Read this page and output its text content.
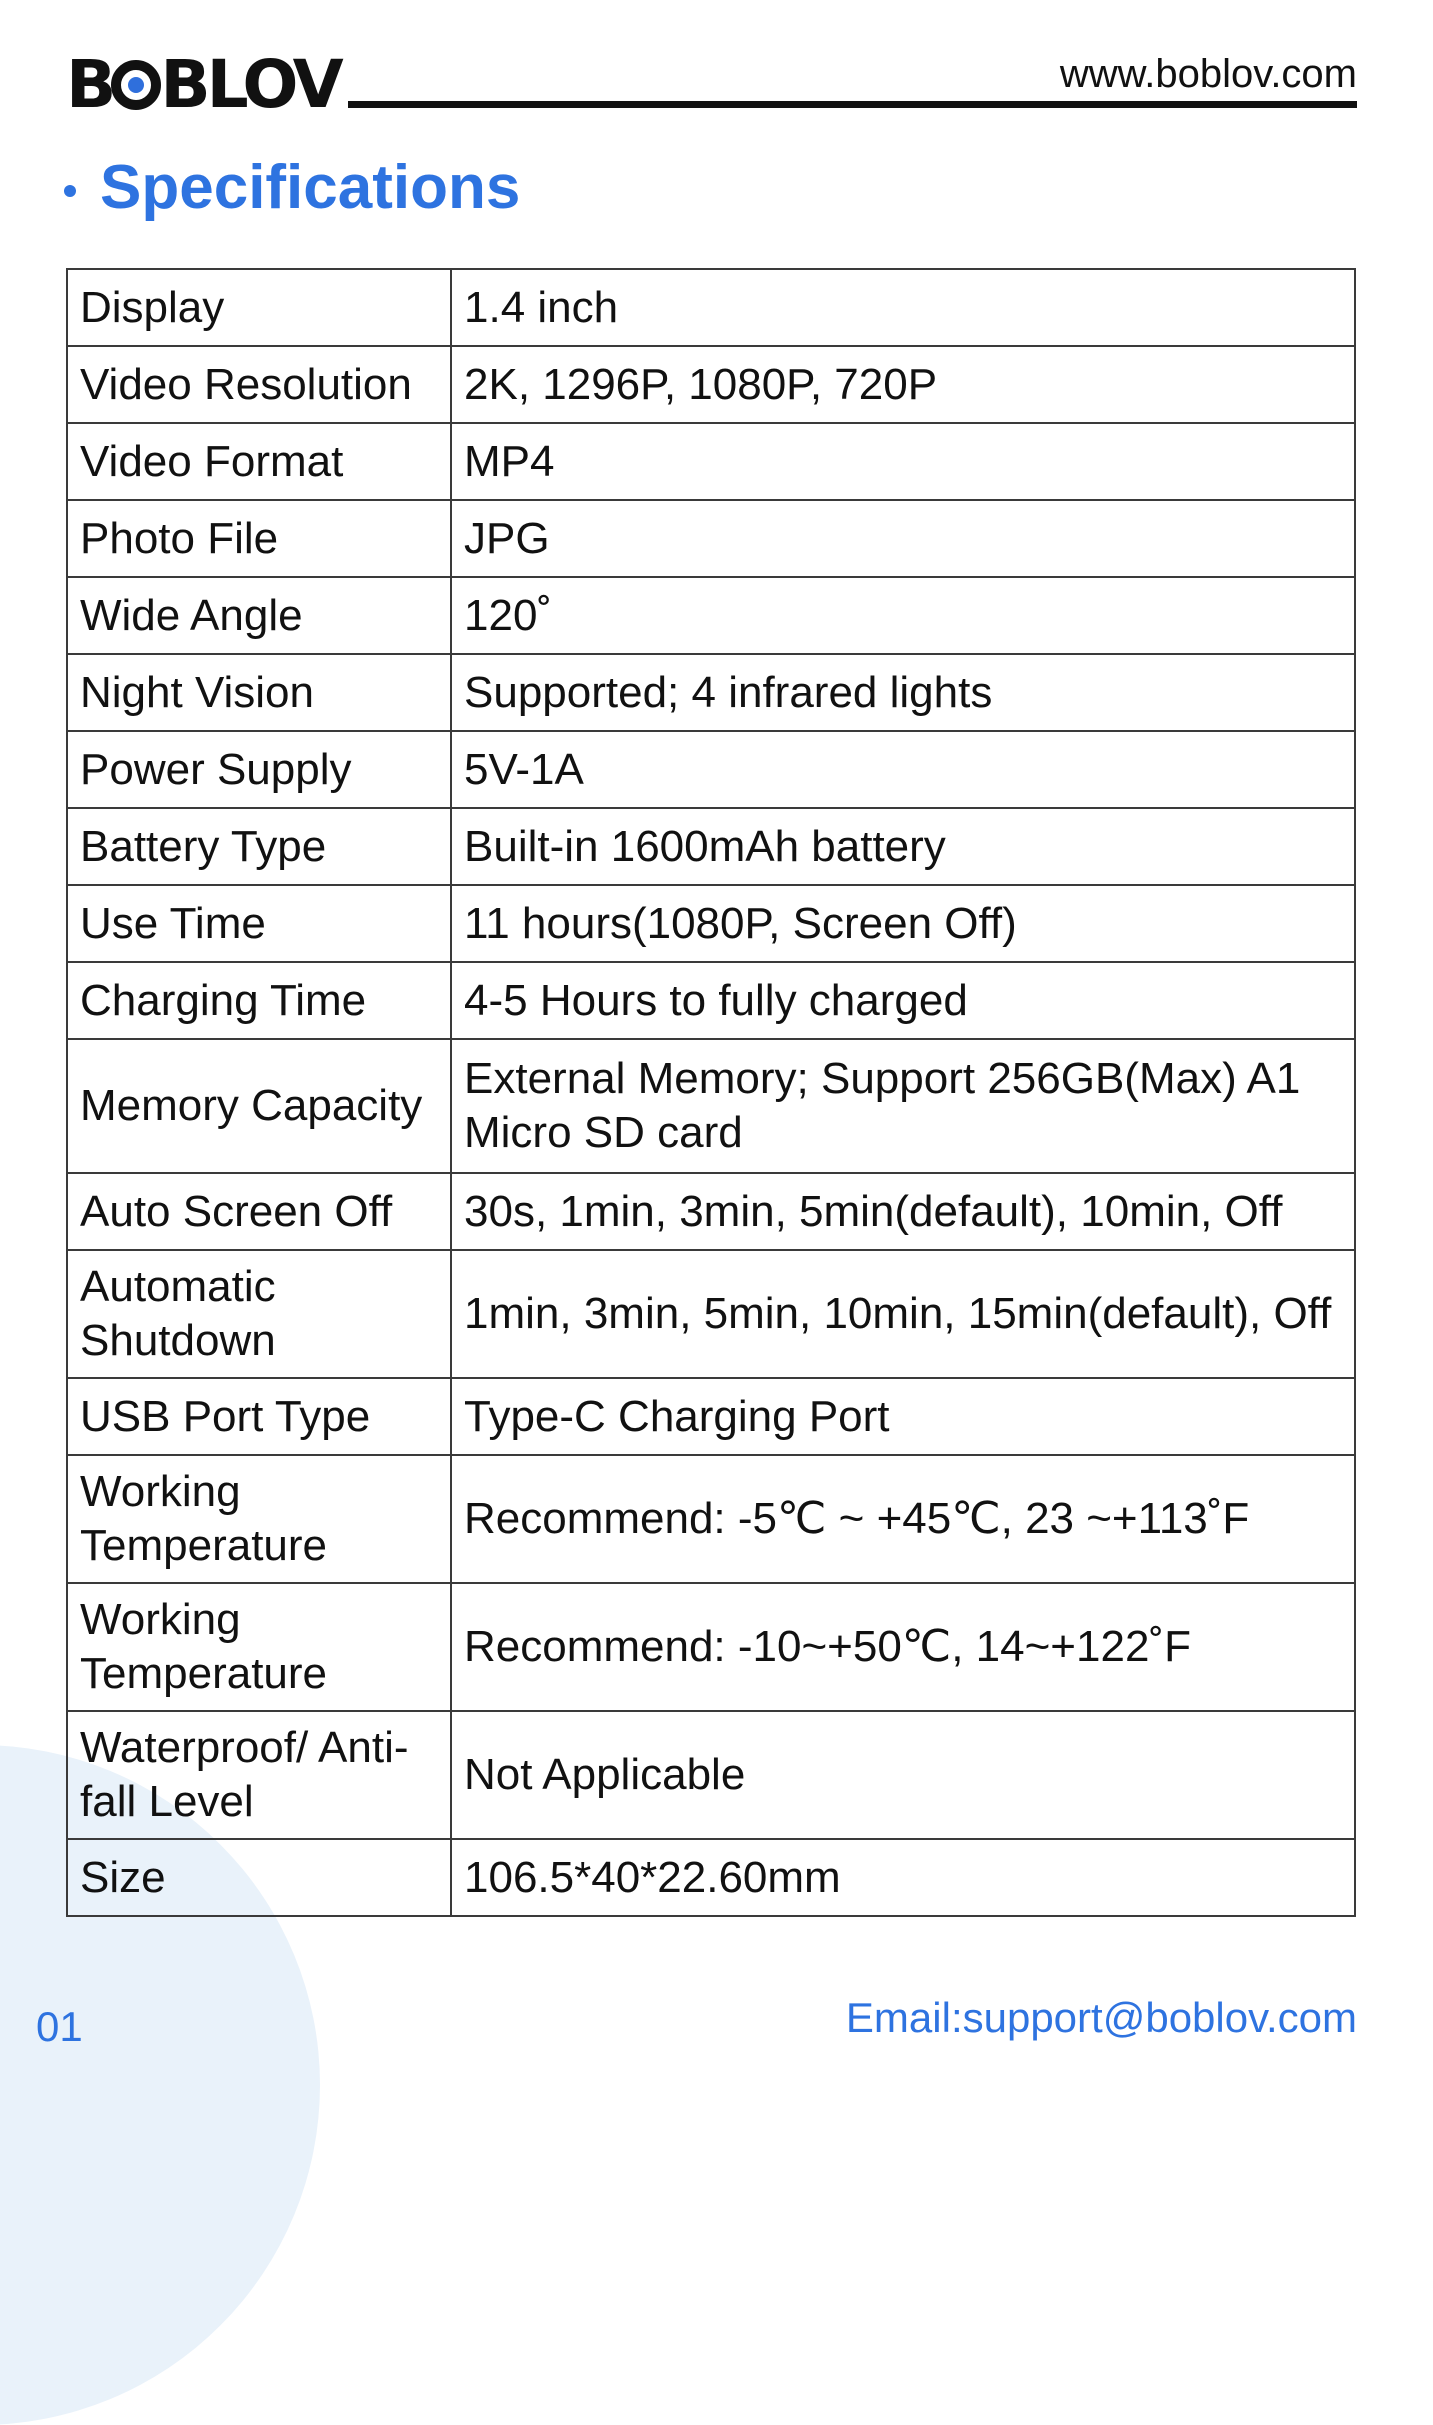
B BLOV	www.boblov.com
Specifications
Display	1.4 inch
Video Resolution	2K, 1296P, 1080P, 720P
Video Format	MP4
Photo File	JPG
Wide Angle	120˚
Night Vision	Supported; 4 infrared lights
Power Supply	5V-1A
Battery Type	Built-in 1600mAh battery
Use Time	11 hours(1080P, Screen Off)
Charging Time	4-5 Hours to fully charged
Memory Capacity	External Memory; Support 256GB(Max) A1 Micro SD card
Auto Screen Off	30s, 1min, 3min, 5min(default), 10min, Off
Automatic Shutdown	1min, 3min, 5min, 10min, 15min(default), Off
USB Port Type	Type-C Charging Port
Working Temperature	Recommend: -5℃ ~ +45℃, 23 ~+113˚F
Working Temperature	Recommend: -10~+50℃, 14~+122˚F
Waterproof/ Anti-fall Level	Not Applicable
Size	106.5*40*22.60mm
01	Email:support@boblov.com
